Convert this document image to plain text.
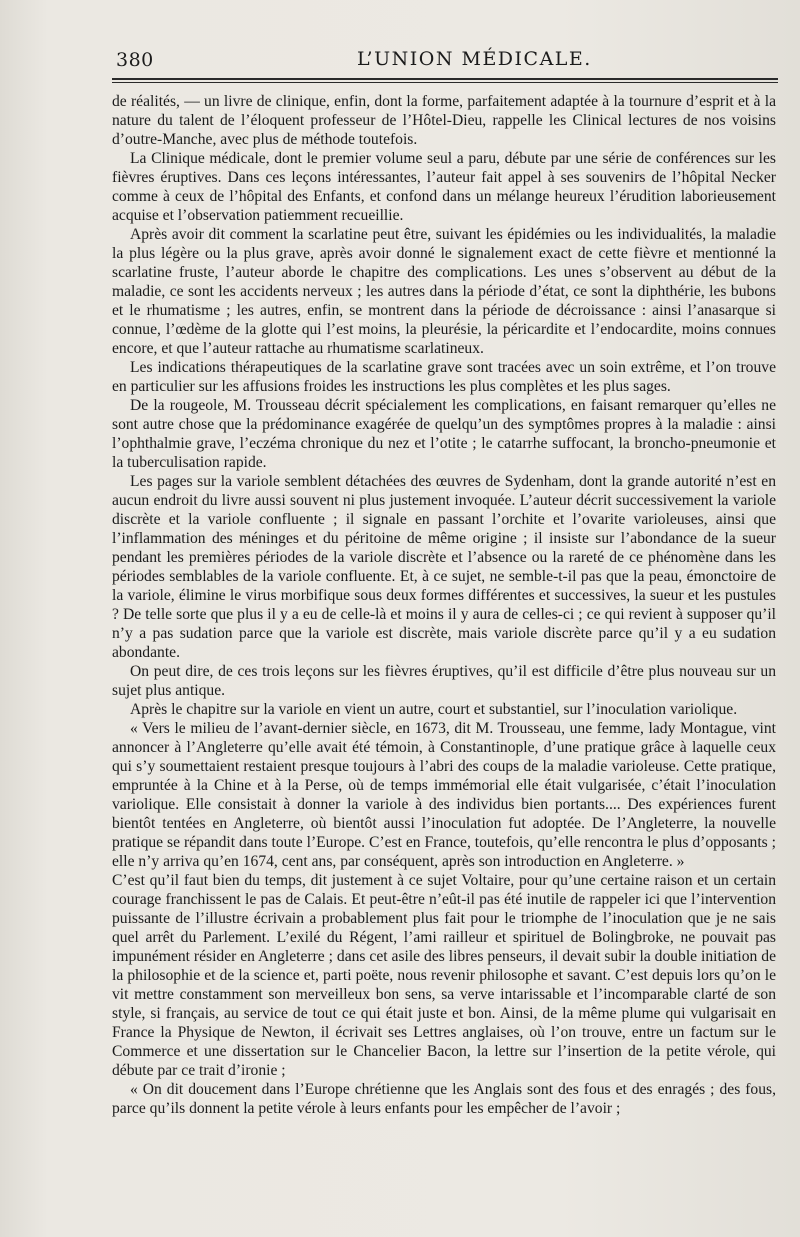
380	L’UNION MÉDICALE.

de réalités, — un livre de clinique, enfin, dont la forme, parfaitement adaptée à la tournure d’esprit et à la nature du talent de l’éloquent professeur de l’Hôtel-Dieu, rappelle les Clinical lectures de nos voisins d’outre-Manche, avec plus de méthode toutefois.

La Clinique médicale, dont le premier volume seul a paru, débute par une série de conférences sur les fièvres éruptives. Dans ces leçons intéressantes, l’auteur fait appel à ses souvenirs de l’hôpital Necker comme à ceux de l’hôpital des Enfants, et confond dans un mélange heureux l’érudition laborieusement acquise et l’observation patiemment recueillie.

Après avoir dit comment la scarlatine peut être, suivant les épidémies ou les individualités, la maladie la plus légère ou la plus grave, après avoir donné le signalement exact de cette fièvre et mentionné la scarlatine fruste, l’auteur aborde le chapitre des complications. Les unes s’observent au début de la maladie, ce sont les accidents nerveux ; les autres dans la période d’état, ce sont la diphthérie, les bubons et le rhumatisme ; les autres, enfin, se montrent dans la période de décroissance : ainsi l’anasarque si connue, l’œdème de la glotte qui l’est moins, la pleurésie, la péricardite et l’endocardite, moins connues encore, et que l’auteur rattache au rhumatisme scarlatineux.

Les indications thérapeutiques de la scarlatine grave sont tracées avec un soin extrême, et l’on trouve en particulier sur les affusions froides les instructions les plus complètes et les plus sages.

De la rougeole, M. Trousseau décrit spécialement les complications, en faisant remarquer qu’elles ne sont autre chose que la prédominance exagérée de quelqu’un des symptômes propres à la maladie : ainsi l’ophthalmie grave, l’eczéma chronique du nez et l’otite ; le catarrhe suffocant, la broncho-pneumonie et la tuberculisation rapide.

Les pages sur la variole semblent détachées des œuvres de Sydenham, dont la grande autorité n’est en aucun endroit du livre aussi souvent ni plus justement invoquée. L’auteur décrit successivement la variole discrète et la variole confluente ; il signale en passant l’orchite et l’ovarite varioleuses, ainsi que l’inflammation des méninges et du péritoine de même origine ; il insiste sur l’abondance de la sueur pendant les premières périodes de la variole discrète et l’absence ou la rareté de ce phénomène dans les périodes semblables de la variole confluente. Et, à ce sujet, ne semble-t-il pas que la peau, émonctoire de la variole, élimine le virus morbifique sous deux formes différentes et successives, la sueur et les pustules ? De telle sorte que plus il y a eu de celle-là et moins il y aura de celles-ci ; ce qui revient à supposer qu’il n’y a pas sudation parce que la variole est discrète, mais variole discrète parce qu’il y a eu sudation abondante.

On peut dire, de ces trois leçons sur les fièvres éruptives, qu’il est difficile d’être plus nouveau sur un sujet plus antique.

Après le chapitre sur la variole en vient un autre, court et substantiel, sur l’inoculation variolique.

« Vers le milieu de l’avant-dernier siècle, en 1673, dit M. Trousseau, une femme, lady Montague, vint annoncer à l’Angleterre qu’elle avait été témoin, à Constantinople, d’une pratique grâce à laquelle ceux qui s’y soumettaient restaient presque toujours à l’abri des coups de la maladie varioleuse. Cette pratique, empruntée à la Chine et à la Perse, où de temps immémorial elle était vulgarisée, c’était l’inoculation variolique. Elle consistait à donner la variole à des individus bien portants.... Des expériences furent bientôt tentées en Angleterre, où bientôt aussi l’inoculation fut adoptée. De l’Angleterre, la nouvelle pratique se répandit dans toute l’Europe. C’est en France, toutefois, qu’elle rencontra le plus d’opposants ; elle n’y arriva qu’en 1674, cent ans, par conséquent, après son introduction en Angleterre. »

C’est qu’il faut bien du temps, dit justement à ce sujet Voltaire, pour qu’une certaine raison et un certain courage franchissent le pas de Calais. Et peut-être n’eût-il pas été inutile de rappeler ici que l’intervention puissante de l’illustre écrivain a probablement plus fait pour le triomphe de l’inoculation que je ne sais quel arrêt du Parlement. L’exilé du Régent, l’ami railleur et spirituel de Bolingbroke, ne pouvait pas impunément résider en Angleterre ; dans cet asile des libres penseurs, il devait subir la double initiation de la philosophie et de la science et, parti poëte, nous revenir philosophe et savant. C’est depuis lors qu’on le vit mettre constamment son merveilleux bon sens, sa verve intarissable et l’incomparable clarté de son style, si français, au service de tout ce qui était juste et bon. Ainsi, de la même plume qui vulgarisait en France la Physique de Newton, il écrivait ses Lettres anglaises, où l’on trouve, entre un factum sur le Commerce et une dissertation sur le Chancelier Bacon, la lettre sur l’insertion de la petite vérole, qui débute par ce trait d’ironie ;

« On dit doucement dans l’Europe chrétienne que les Anglais sont des fous et des enragés ; des fous, parce qu’ils donnent la petite vérole à leurs enfants pour les empêcher de l’avoir ;
